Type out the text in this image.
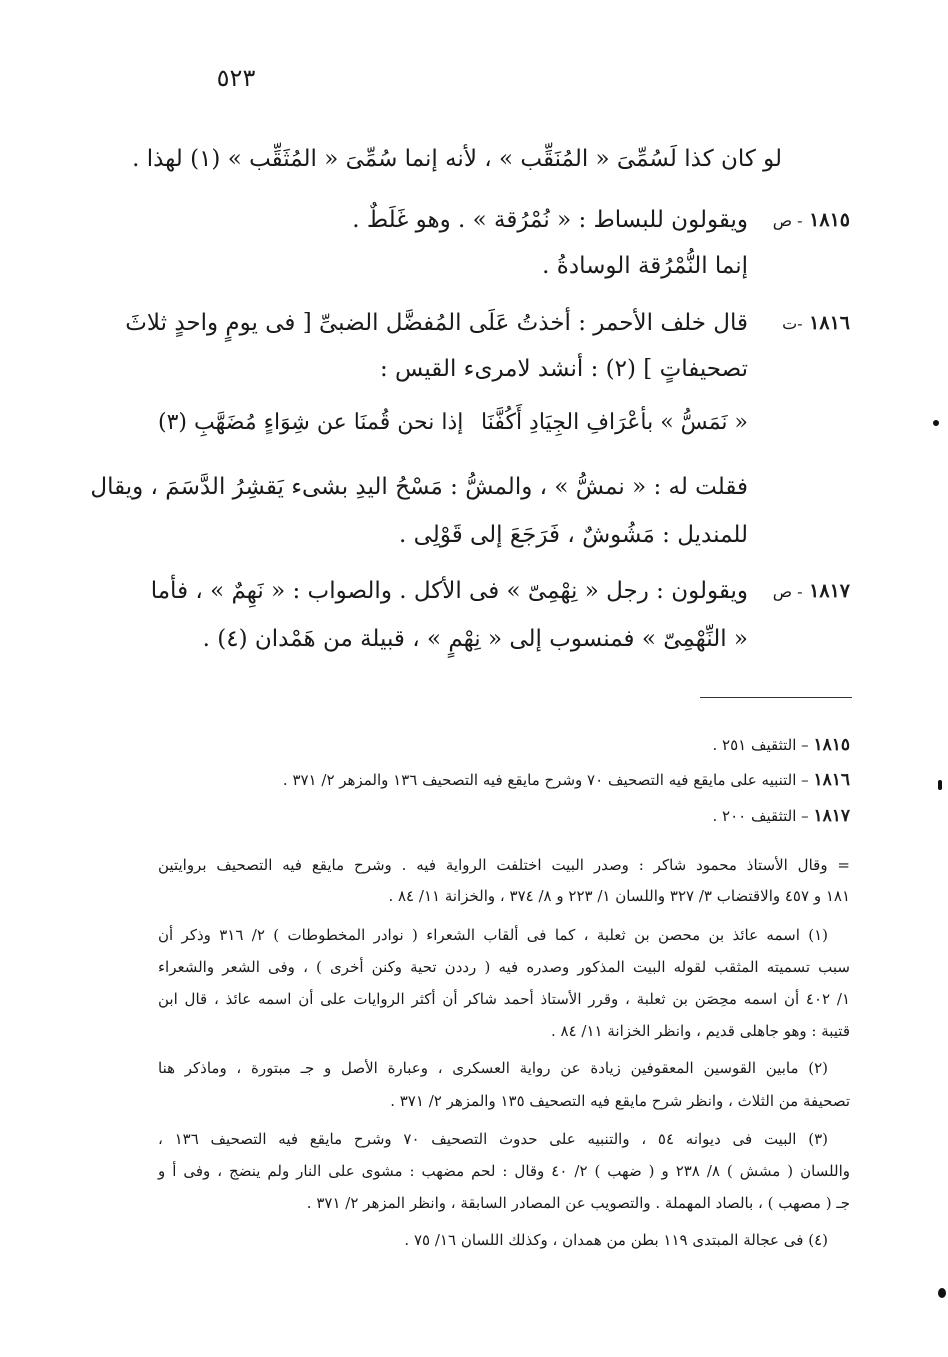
٥٢٣
لو كان كذا لَسُمِّىَ « المُنَقِّب » ، لأنه إنما سُمِّىَ « المُثَقِّب » (١) لهذا .
١٨١٥ - ص
ويقولون للبساط : « نُمْرُقة » . وهو غَلَطٌ .
إنما النُّمْرُقة الوسادةُ .
١٨١٦ -ت
قال خلف الأحمر : أخذتُ عَلَى المُفضَّل الضبىِّ [ فى يومٍ واحدٍ ثلاثَ
تصحيفاتٍ ] (٢) : أنشد لامرىء القيس :
« نَمَسُّ » بأعْرَافِ الجِيَادِ أَكُفَّنَا
إذا نحن قُمنَا عن شِوَاءٍ مُضَهَّبِ (٣)
فقلت له : « نمشُّ » ، والمشُّ : مَسْحُ اليدِ بشىء يَقشِرُ الدَّسَمَ ، ويقال
للمنديل : مَشُوشٌ ، فَرَجَعَ إلى قَوْلِى .
١٨١٧ - ص
ويقولون : رجل « نِهْمِىّ » فى الأكل . والصواب : « نَهِمٌ » ، فأما
« النِّهْمِىّ » فمنسوب إلى « نِهْمٍ » ، قبيلة من هَمْدان (٤) .
١٨١٥ – التثقيف ٢٥١ .
١٨١٦ – التنبيه على مايقع فيه التصحيف ٧٠ وشرح مايقع فيه التصحيف ١٣٦ والمزهر ٢/ ٣٧١ .
١٨١٧ – التثقيف ٢٠٠ .
= وقال الأستاذ محمود شاكر : وصدر البيت اختلفت الرواية فيه . وشرح مايقع فيه التصحيف بروايتين
١٨١ و ٤٥٧ والاقتضاب ٣/ ٣٢٧ واللسان ١/ ٢٢٣ و ٨/ ٣٧٤ ، والخزانة ١١/ ٨٤ .
(١) اسمه عائذ بن محصن بن ثعلبة ، كما فى ألقاب الشعراء ( نوادر المخطوطات ) ٢/ ٣١٦ وذكر أن
سبب تسميته المثقب لقوله البيت المذكور وصدره فيه ( رددن تحية وكنن أخرى ) ، وفى الشعر والشعراء
١/ ٤٠٢ أن اسمه محِصَن بن ثعلبة ، وقرر الأستاذ أحمد شاكر أن أكثر الروايات على أن اسمه عائذ ، قال ابن
قتيبة : وهو جاهلى قديم ، وانظر الخزانة ١١/ ٨٤ .
(٢) مابين القوسين المعقوفين زيادة عن رواية العسكرى ، وعبارة الأصل و جـ مبتورة ، وماذكر هنا
تصحيفة من الثلاث ، وانظر شرح مايقع فيه التصحيف ١٣٥ والمزهر ٢/ ٣٧١ .
(٣) البيت فى ديوانه ٥٤ ، والتنبيه على حدوث التصحيف ٧٠ وشرح مايقع فيه التصحيف ١٣٦ ،
واللسان ( مشش ) ٨/ ٢٣٨ و ( ضهب ) ٢/ ٤٠ وقال : لحم مضهب : مشوى على النار ولم ينضج ، وفى أ و
جـ ( مصهب ) ، بالصاد المهملة . والتصويب عن المصادر السابقة ، وانظر المزهر ٢/ ٣٧١ .
(٤) فى عجالة المبتدى ١١٩ بطن من همدان ، وكذلك اللسان ١٦/ ٧٥ .
